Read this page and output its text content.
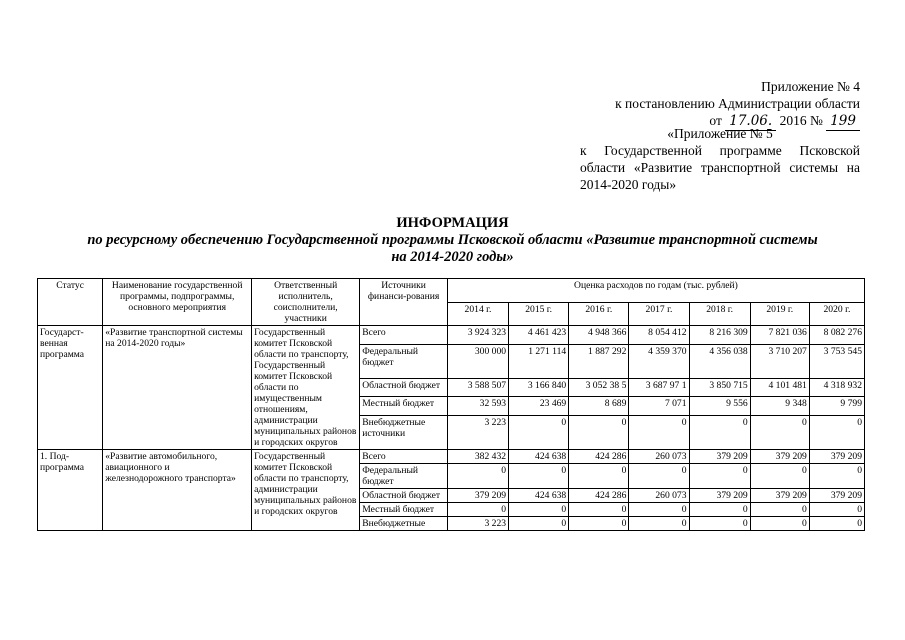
Приложение № 4
к постановлению Администрации области
от 17.06. 2016 № 199
«Приложение № 5
к Государственной программе Псковской области «Развитие транспортной системы на 2014-2020 годы»
ИНФОРМАЦИЯ
по ресурсному обеспечению Государственной программы Псковской области «Развитие транспортной системы
на 2014-2020 годы»
Статус	Наименование государственной программы, подпрограммы, основного мероприятия	Ответственный исполнитель, соисполнители, участники	Источники финанси-рования	Оценка расходов по годам (тыс. рублей)						
				2014 г.	2015 г.	2016 г.	2017 г.	2018 г.	2019 г.	2020 г.
Государст-венная программа	«Развитие транспортной системы на 2014-2020 годы»	Государственный комитет Псковской области по транспорту, Государственный комитет Псковской области по имущественным отношениям, администрации муниципальных районов и городских округов	Всего	3 924 323	4 461 423	4 948 366	8 054 412	8 216 309	7 821 036	8 082 276
			Федеральный бюджет	300 000	1 271 114	1 887 292	4 359 370	4 356 038	3 710 207	3 753 545
			Областной бюджет	3 588 507	3 166 840	3 052 38 5	3 687 97 1	3 850 715	4 101 481	4 318 932
			Местный бюджет	32 593	23 469	8 689	7 071	9 556	9 348	9 799
			Внебюджетные источники	3 223	0	0	0	0	0	0
1. Под-программа	«Развитие автомобильного, авиационного и железнодорожного транспорта»	Государственный комитет Псковской области по транспорту, администрации муниципальных районов и городских округов	Всего	382 432	424 638	424 286	260 073	379 209	379 209	379 209
			Федеральный бюджет	0	0	0	0	0	0	0
			Областной бюджет	379 209	424 638	424 286	260 073	379 209	379 209	379 209
			Местный бюджет	0	0	0	0	0	0	0
			Внебюджетные	3 223	0	0	0	0	0	0
